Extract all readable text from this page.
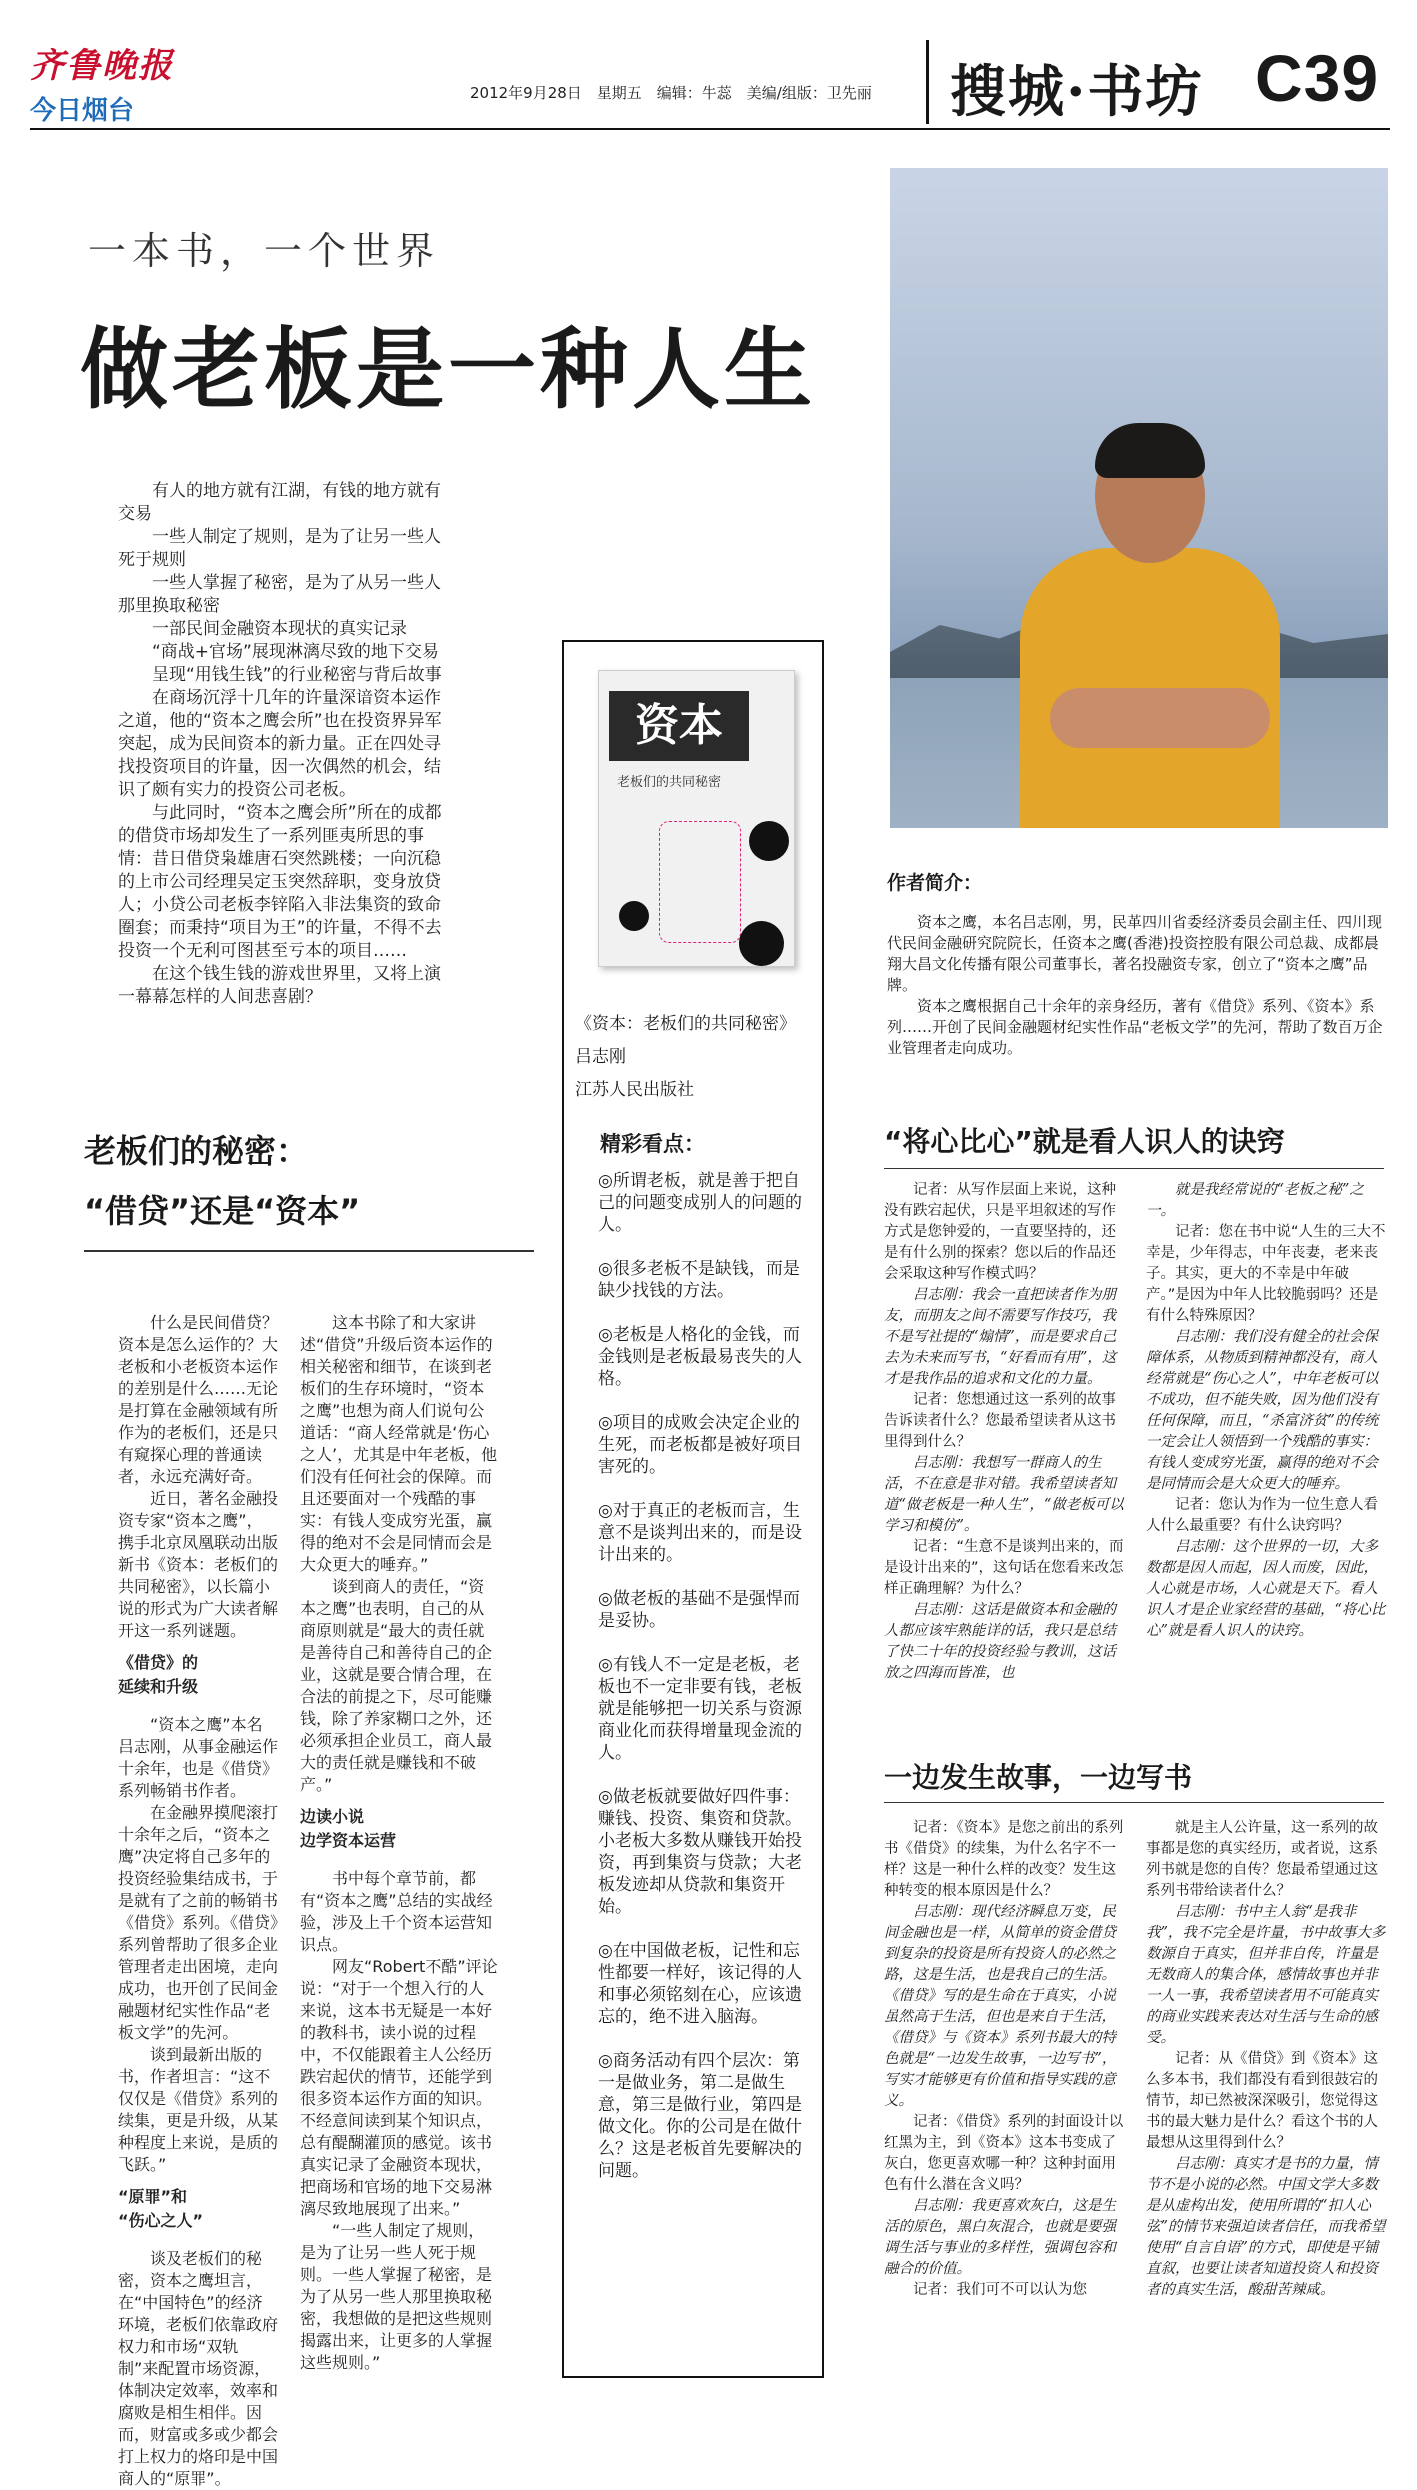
齐鲁晚报
今日烟台
2012年9月28日　星期五　编辑：牛蕊　美编/组版：卫先丽 搜城·书坊 C39
一本书，一个世界
做老板是一种人生

有人的地方就有江湖，有钱的地方就有交易

一些人制定了规则，是为了让另一些人死于规则

一些人掌握了秘密，是为了从另一些人那里换取秘密

一部民间金融资本现状的真实记录

“商战+官场”展现淋漓尽致的地下交易

呈现“用钱生钱”的行业秘密与背后故事

在商场沉浮十几年的许量深谙资本运作之道，他的“资本之鹰会所”也在投资界异军突起，成为民间资本的新力量。正在四处寻找投资项目的许量，因一次偶然的机会，结识了颇有实力的投资公司老板。

与此同时，“资本之鹰会所”所在的成都的借贷市场却发生了一系列匪夷所思的事情：昔日借贷枭雄唐石突然跳楼；一向沉稳的上市公司经理吴定玉突然辞职，变身放贷人；小贷公司老板李锌陷入非法集资的致命圈套；而秉持“项目为王”的许量，不得不去投资一个无利可图甚至亏本的项目……

在这个钱生钱的游戏世界里，又将上演一幕幕怎样的人间悲喜剧？

资本
老板们的共同秘密
《资本：老板们的共同秘密》
吕志刚
江苏人民出版社
精彩看点：

◎所谓老板，就是善于把自己的问题变成别人的问题的人。

◎很多老板不是缺钱，而是缺少找钱的方法。

◎老板是人格化的金钱，而金钱则是老板最易丧失的人格。

◎项目的成败会决定企业的生死，而老板都是被好项目害死的。

◎对于真正的老板而言，生意不是谈判出来的，而是设计出来的。

◎做老板的基础不是强悍而是妥协。

◎有钱人不一定是老板，老板也不一定非要有钱，老板就是能够把一切关系与资源商业化而获得增量现金流的人。

◎做老板就要做好四件事：赚钱、投资、集资和贷款。小老板大多数从赚钱开始投资，再到集资与贷款；大老板发迹却从贷款和集资开始。

◎在中国做老板，记性和忘性都要一样好，该记得的人和事必须铭刻在心，应该遗忘的，绝不进入脑海。

◎商务活动有四个层次：第一是做业务，第二是做生意，第三是做行业，第四是做文化。你的公司是在做什么？这是老板首先要解决的问题。

作者简介：

资本之鹰，本名吕志刚，男，民革四川省委经济委员会副主任、四川现代民间金融研究院院长，任资本之鹰(香港)投资控股有限公司总裁、成都晨翔大昌文化传播有限公司董事长，著名投融资专家，创立了“资本之鹰”品牌。

资本之鹰根据自己十余年的亲身经历，著有《借贷》系列、《资本》系列……开创了民间金融题材纪实性作品“老板文学”的先河，帮助了数百万企业管理者走向成功。

老板们的秘密：
“借贷”还是“资本”

什么是民间借贷？资本是怎么运作的？大老板和小老板资本运作的差别是什么……无论是打算在金融领域有所作为的老板们，还是只有窥探心理的普通读者，永远充满好奇。

近日，著名金融投资专家“资本之鹰”，携手北京凤凰联动出版新书《资本：老板们的共同秘密》，以长篇小说的形式为广大读者解开这一系列谜题。

《借贷》的

延续和升级

“资本之鹰”本名吕志刚，从事金融运作十余年，也是《借贷》系列畅销书作者。

在金融界摸爬滚打十余年之后，“资本之鹰”决定将自己多年的投资经验集结成书，于是就有了之前的畅销书《借贷》系列。《借贷》系列曾帮助了很多企业管理者走出困境，走向成功，也开创了民间金融题材纪实性作品“老板文学”的先河。

谈到最新出版的书，作者坦言：“这不仅仅是《借贷》系列的续集，更是升级，从某种程度上来说，是质的飞跃。”

“原罪”和

“伤心之人”

谈及老板们的秘密，资本之鹰坦言，在“中国特色”的经济环境，老板们依靠政府权力和市场“双轨制”来配置市场资源，体制决定效率，效率和腐败是相生相伴。因而，财富或多或少都会打上权力的烙印是中国商人的“原罪”。

这本书除了和大家讲述“借贷”升级后资本运作的相关秘密和细节，在谈到老板们的生存环境时，“资本之鹰”也想为商人们说句公道话：“商人经常就是‘伤心之人’，尤其是中年老板，他们没有任何社会的保障。而且还要面对一个残酷的事实：有钱人变成穷光蛋，赢得的绝对不会是同情而会是大众更大的唾弃。”

谈到商人的责任，“资本之鹰”也表明，自己的从商原则就是“最大的责任就是善待自己和善待自己的企业，这就是要合情合理，在合法的前提之下，尽可能赚钱，除了养家糊口之外，还必须承担企业员工，商人最大的责任就是赚钱和不破产。”

边读小说

边学资本运营

书中每个章节前，都有“资本之鹰”总结的实战经验，涉及上千个资本运营知识点。

网友“Robert不酷”评论说：“对于一个想入行的人来说，这本书无疑是一本好的教科书，读小说的过程中，不仅能跟着主人公经历跌宕起伏的情节，还能学到很多资本运作方面的知识。不经意间读到某个知识点，总有醍醐灌顶的感觉。该书真实记录了金融资本现状，把商场和官场的地下交易淋漓尽致地展现了出来。”

“一些人制定了规则，是为了让另一些人死于规则。一些人掌握了秘密，是为了从另一些人那里换取秘密，我想做的是把这些规则揭露出来，让更多的人掌握这些规则。”

“将心比心”就是看人识人的诀窍

记者：从写作层面上来说，这种没有跌宕起伏，只是平坦叙述的写作方式是您钟爱的，一直要坚持的，还是有什么别的探索？您以后的作品还会采取这种写作模式吗？

吕志刚：我会一直把读者作为朋友，而朋友之间不需要写作技巧，我不是写社提的“煽情”，而是要求自己去为未来而写书，“好看而有用”，这才是我作品的追求和文化的力量。

记者：您想通过这一系列的故事告诉读者什么？您最希望读者从这书里得到什么？

吕志刚：我想写一群商人的生活，不在意是非对错。我希望读者知道“做老板是一种人生”，“做老板可以学习和模仿”。

记者：“生意不是谈判出来的，而是设计出来的”，这句话在您看来改怎样正确理解？为什么？

吕志刚：这话是做资本和金融的人都应该牢熟能详的话，我只是总结了快二十年的投资经验与教训，这话放之四海而皆准，也

就是我经常说的“老板之秘”之一。

记者：您在书中说“人生的三大不幸是，少年得志，中年丧妻，老来丧子。其实，更大的不幸是中年破产。”是因为中年人比较脆弱吗？还是有什么特殊原因？

吕志刚：我们没有健全的社会保障体系，从物质到精神都没有，商人经常就是“伤心之人”，中年老板可以不成功，但不能失败，因为他们没有任何保障，而且，“杀富济贫”的传统一定会让人领悟到一个残酷的事实：有钱人变成穷光蛋，赢得的绝对不会是同情而会是大众更大的唾弃。

记者：您认为作为一位生意人看人什么最重要？有什么诀窍吗？

吕志刚：这个世界的一切，大多数都是因人而起，因人而废，因此，人心就是市场，人心就是天下。看人识人才是企业家经营的基础，“将心比心”就是看人识人的诀窍。

一边发生故事，一边写书

记者：《资本》是您之前出的系列书《借贷》的续集，为什么名字不一样？这是一种什么样的改变？发生这种转变的根本原因是什么？

吕志刚：现代经济瞬息万变，民间金融也是一样，从简单的资金借贷到复杂的投资是所有投资人的必然之路，这是生活，也是我自己的生活。《借贷》写的是生命在于真实，小说虽然高于生活，但也是来自于生活，《借贷》与《资本》系列书最大的特色就是“一边发生故事，一边写书”，写实才能够更有价值和指导实践的意义。

记者：《借贷》系列的封面设计以红黑为主，到《资本》这本书变成了灰白，您更喜欢哪一种？这种封面用色有什么潜在含义吗？

吕志刚：我更喜欢灰白，这是生活的原色，黑白灰混合，也就是要强调生活与事业的多样性，强调包容和融合的价值。

记者：我们可不可以认为您

就是主人公许量，这一系列的故事都是您的真实经历，或者说，这系列书就是您的自传？您最希望通过这系列书带给读者什么？

吕志刚：书中主人翁“是我非我”，我不完全是许量，书中故事大多数源自于真实，但并非自传，许量是无数商人的集合体，感情故事也并非一人一事，我希望读者用不可能真实的商业实践来表达对生活与生命的感受。

记者：从《借贷》到《资本》这么多本书，我们都没有看到很鼓宕的情节，却已然被深深吸引，您觉得这书的最大魅力是什么？看这个书的人最想从这里得到什么？

吕志刚：真实才是书的力量，情节不是小说的必然。中国文学大多数是从虚构出发，使用所谓的“扣人心弦”的情节来强迫读者信任，而我希望使用“自言自语”的方式，即使是平铺直叙，也要让读者知道投资人和投资者的真实生活，酸甜苦辣咸。
